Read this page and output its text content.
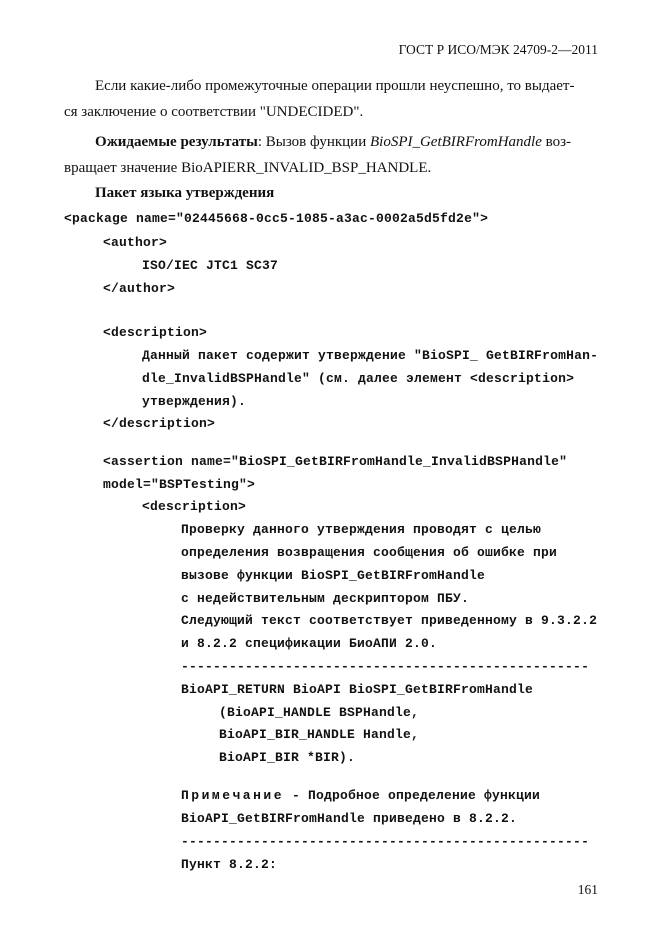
ГОСТ Р ИСО/МЭК 24709-2—2011
Если какие-либо промежуточные операции прошли неуспешно, то выдает-
ся заключение о соответствии "UNDECIDED".
Ожидаемые результаты: Вызов функции BioSPI_GetBIRFromHandle воз-
вращает значение BioAPIERR_INVALID_BSP_HANDLE.
Пакет языка утверждения
<package name="02445668-0cc5-1085-a3ac-0002a5d5fd2e">
<author>
ISO/IEC JTC1 SC37
</author>
<description>
Данный пакет содержит утверждение "BioSPI_ GetBIRFromHan-
dle_InvalidBSPHandle" (см. далее элемент <description>
утверждения).
</description>
<assertion name="BioSPI_GetBIRFromHandle_InvalidBSPHandle"
model="BSPTesting">
<description>
Проверку данного утверждения проводят с целью
определения возвращения сообщения об ошибке при
вызове функции BioSPI_GetBIRFromHandle
с недействительным дескриптором ПБУ.
Следующий текст соответствует приведенному в 9.3.2.2
и 8.2.2 спецификации БиоАПИ 2.0.
---------------------------------------------------
BioAPI_RETURN BioAPI BioSPI_GetBIRFromHandle
(BioAPI_HANDLE BSPHandle,
BioAPI_BIR_HANDLE Handle,
BioAPI_BIR *BIR).
Примечание - Подробное определение функции
BioAPI_GetBIRFromHandle приведено в 8.2.2.
---------------------------------------------------
Пункт 8.2.2:
161
